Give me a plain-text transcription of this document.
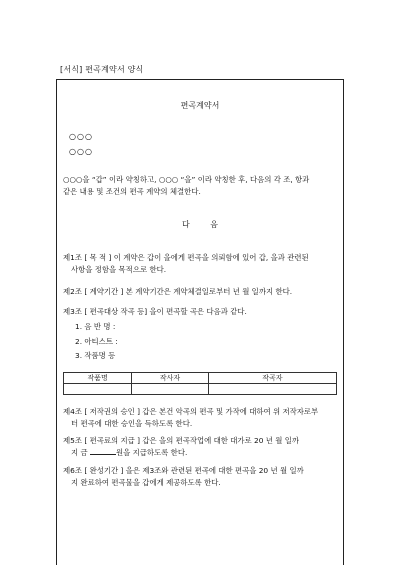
[서식] 편곡계약서 양식
편곡계약서
○○○
○○○
○○○을 “갑” 이라 약칭하고, ○○○ “을” 이라 약칭한 후, 다음의 각 조, 항과
같은 내용 및 조건의 편곡 계약의 체결한다.
다 음
제1조 [ 목 적 ] 이 계약은 갑이 을에게 편곡을 의뢰함에 있어 갑, 을과 관련된
사항을 정함을 목적으로 한다.
제2조 [ 계약기간 ] 본 계약기간은 계약체결일로부터 년 월 일까지 한다.
제3조 [ 편곡대상 작곡 등] 을이 편곡할 곡은 다음과 같다.
1. 음 반 명 :
2. 아티스트 :
3. 작품명 등
작품명	작사자	작곡자

제4조 [ 저작권의 승인 ] 갑은 본건 악곡의 편곡 및 가작에 대하여 위 저작자로부
터 편곡에 대한 승인을 득하도록 한다.
제5조 [ 편곡료의 지급 ] 갑은 을의 편곡작업에 대한 대가로 20 년 월 일까
지 금	원을 지급하도록 한다.
제6조 [ 완성기간 ] 을은 제3조와 관련된 편곡에 대한 편곡을 20 년 월 일까
지 완료하여 편곡물을 갑에게 제공하도록 한다.
